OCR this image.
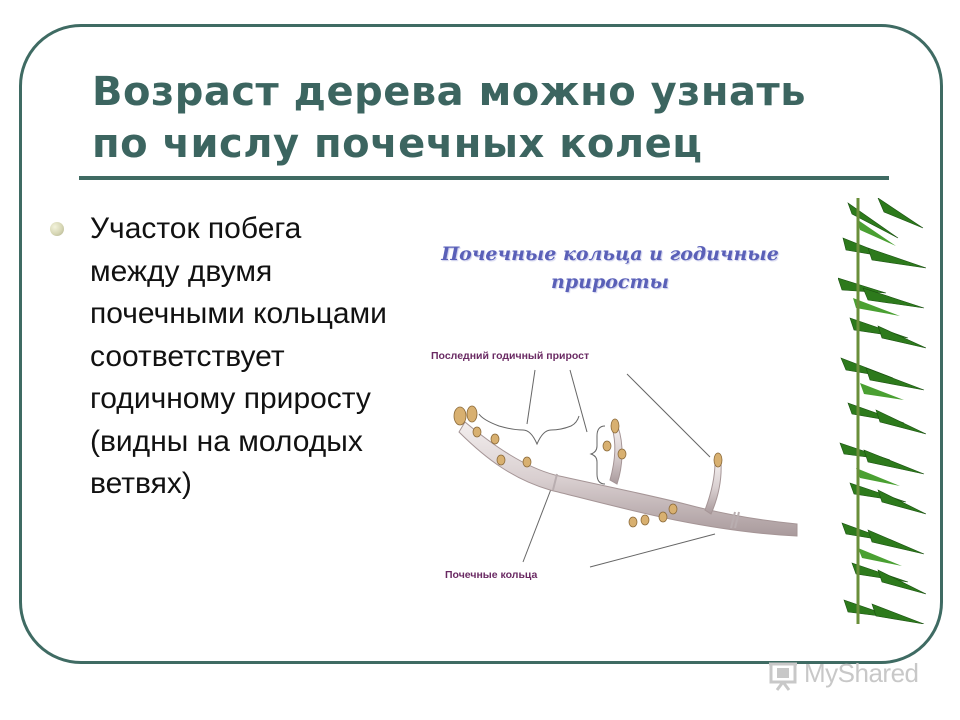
Возраст дерева можно узнать
по числу почечных колец

Участок побега между двумя почечными кольцами соответствует годичному приросту (видны на молодых ветвях)

Почечные кольца и годичные приросты
Последний годичный прирост
Почечные кольца
MyShared
